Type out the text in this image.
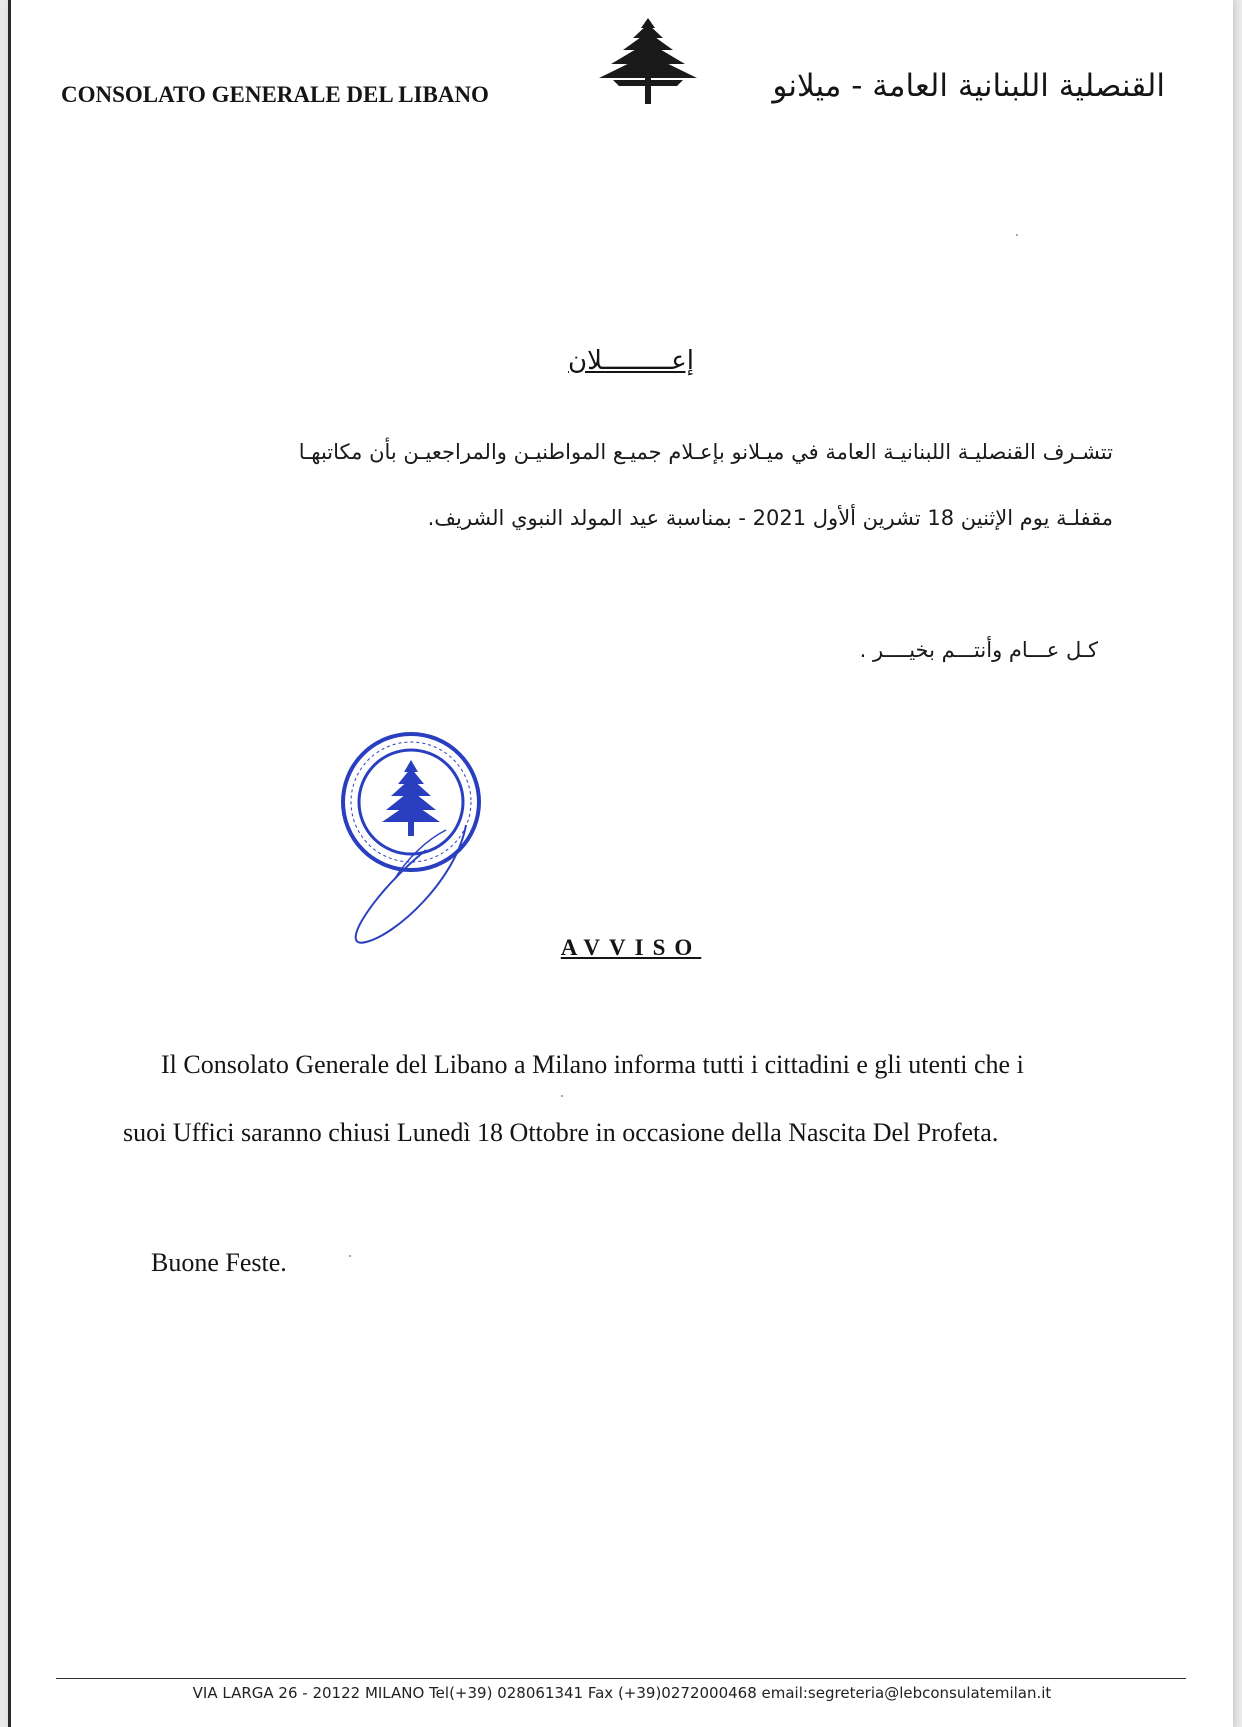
CONSOLATO GENERALE DEL LIBANO	القنصلية اللبنانية العامة - ميلانو
إعـــــــــلان
تتشـرف القنصليـة اللبنانيـة العامة في ميـلانو بإعـلام جميـع المواطنيـن والمراجعيـن بأن مكاتبهـا
مقفلـة يوم الإثنين 18 تشرين ألأول 2021 - بمناسبة عيد المولد النبوي الشريف.
كـل عـــام وأنتـــم بخيــــر .
AVVISO
Il Consolato Generale del Libano a Milano informa tutti i cittadini e gli utenti che i
suoi Uffici saranno chiusi Lunedì 18 Ottobre in occasione della Nascita Del Profeta.
Buone Feste.
VIA LARGA 26 - 20122 MILANO Tel(+39) 028061341 Fax (+39)0272000468 email:segreteria@lebconsulatemilan.it
